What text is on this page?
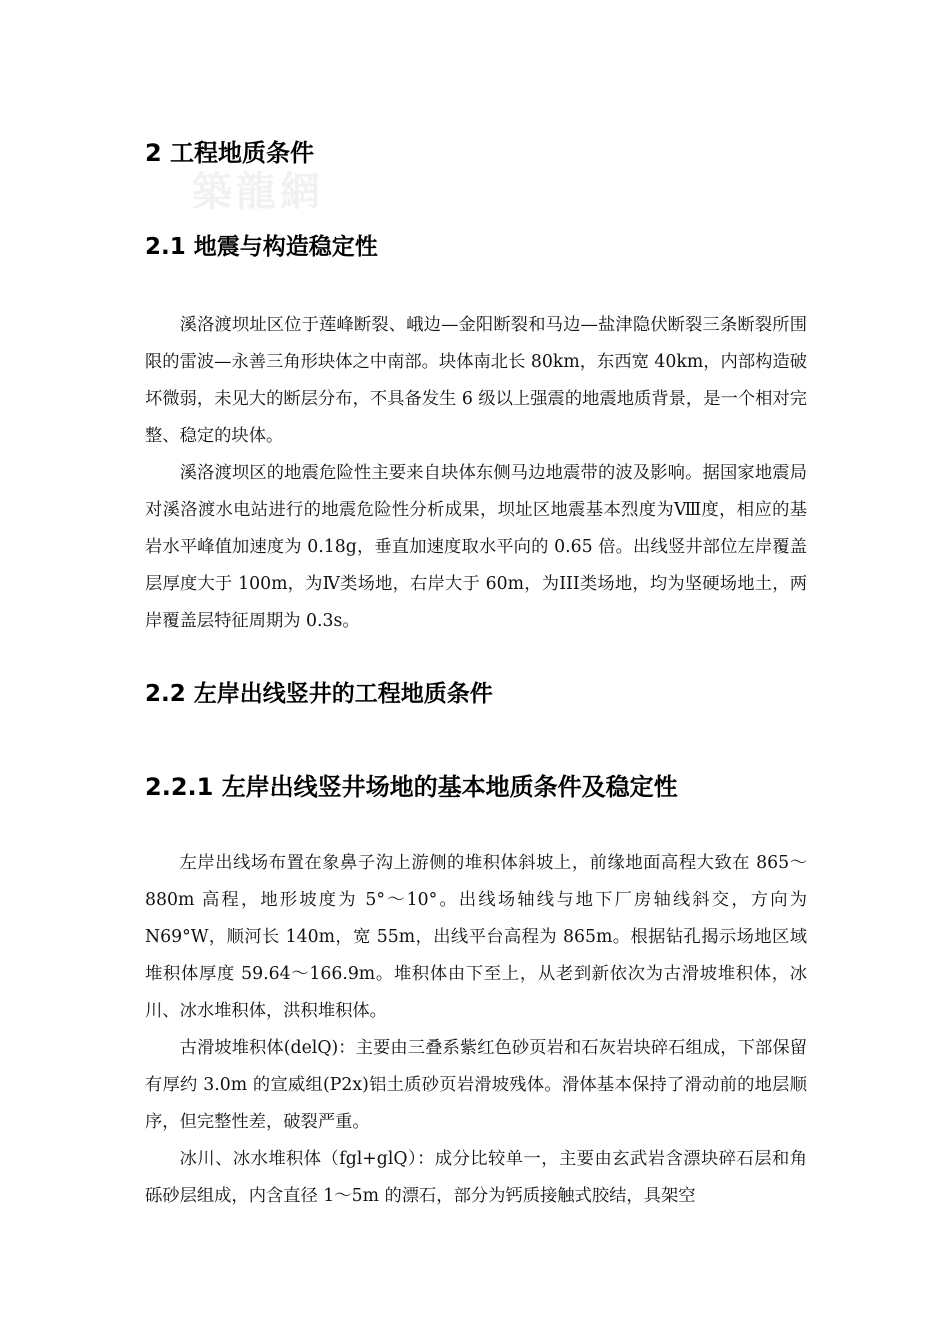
築龍網
2 工程地质条件
2.1 地震与构造稳定性

溪洛渡坝址区位于莲峰断裂、峨边—金阳断裂和马边—盐津隐伏断裂三条断裂所围限的雷波—永善三角形块体之中南部。块体南北长 80km，东西宽 40km，内部构造破坏微弱，未见大的断层分布，不具备发生 6 级以上强震的地震地质背景，是一个相对完整、稳定的块体。

溪洛渡坝区的地震危险性主要来自块体东侧马边地震带的波及影响。据国家地震局对溪洛渡水电站进行的地震危险性分析成果，坝址区地震基本烈度为Ⅷ度，相应的基岩水平峰值加速度为 0.18g，垂直加速度取水平向的 0.65 倍。出线竖井部位左岸覆盖层厚度大于 100m，为Ⅳ类场地，右岸大于 60m，为III类场地，均为坚硬场地土，两岸覆盖层特征周期为 0.3s。

2.2 左岸出线竖井的工程地质条件
2.2.1 左岸出线竖井场地的基本地质条件及稳定性

左岸出线场布置在象鼻子沟上游侧的堆积体斜坡上，前缘地面高程大致在 865～880m 高程，地形坡度为 5°～10°。出线场轴线与地下厂房轴线斜交，方向为 N69°W，顺河长 140m，宽 55m，出线平台高程为 865m。根据钻孔揭示场地区域堆积体厚度 59.64～166.9m。堆积体由下至上，从老到新依次为古滑坡堆积体，冰川、冰水堆积体，洪积堆积体。

古滑坡堆积体(delQ)：主要由三叠系紫红色砂页岩和石灰岩块碎石组成，下部保留有厚约 3.0m 的宣威组(P2x)铝土质砂页岩滑坡残体。滑体基本保持了滑动前的地层顺序，但完整性差，破裂严重。

冰川、冰水堆积体（fgl+glQ）：成分比较单一，主要由玄武岩含漂块碎石层和角砾砂层组成，内含直径 1～5m 的漂石，部分为钙质接触式胶结，具架空
